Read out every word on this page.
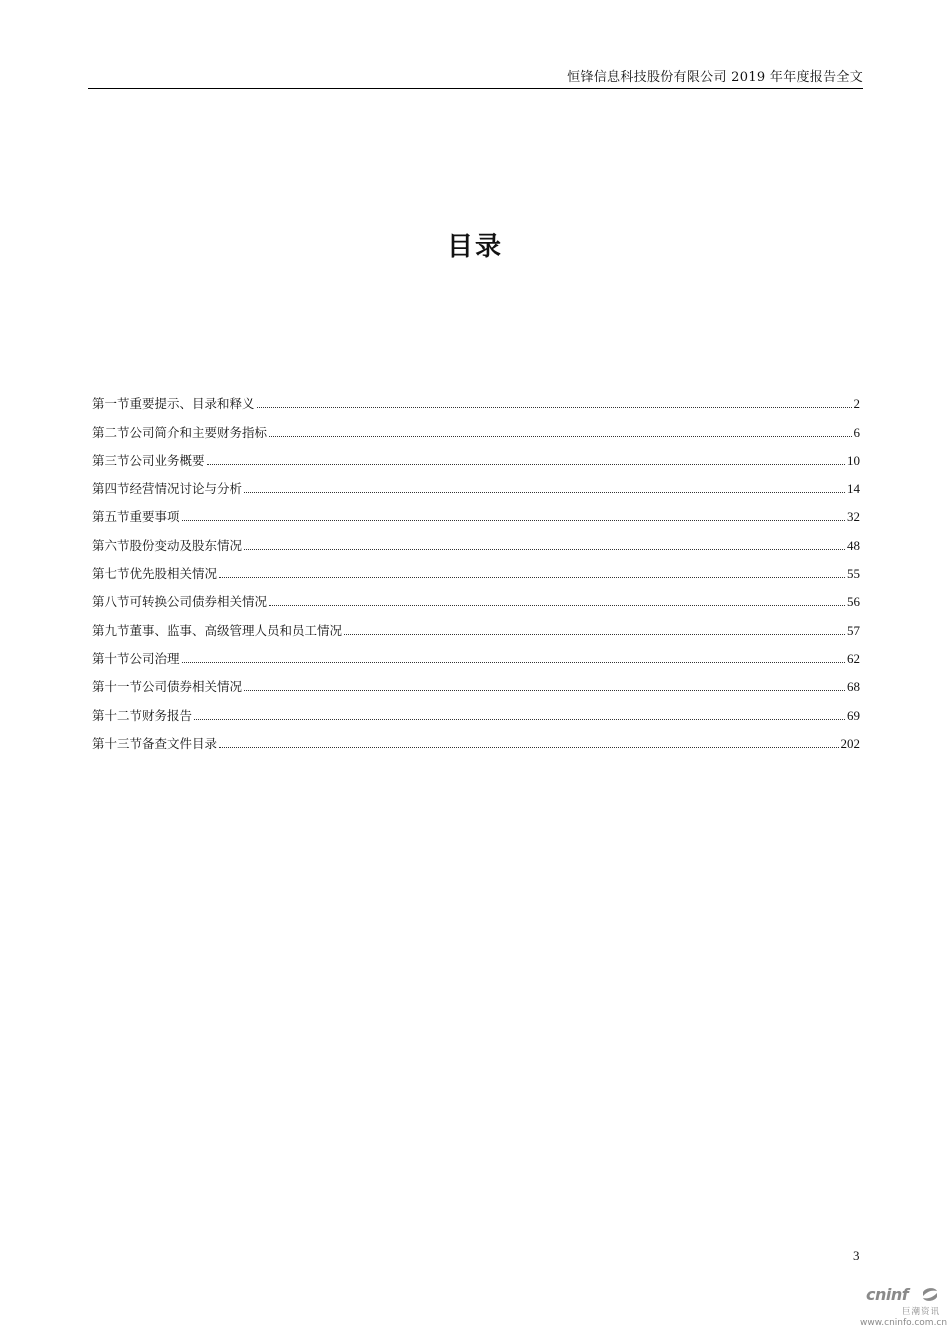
恒锋信息科技股份有限公司 2019 年年度报告全文
目录
第一节重要提示、目录和释义	2
第二节公司简介和主要财务指标	6
第三节公司业务概要	10
第四节经营情况讨论与分析	14
第五节重要事项	32
第六节股份变动及股东情况	48
第七节优先股相关情况	55
第八节可转换公司债券相关情况	56
第九节董事、监事、高级管理人员和员工情况	57
第十节公司治理	62
第十一节公司债券相关情况	68
第十二节财务报告	69
第十三节备查文件目录	202
3
cninf
巨潮资讯
www.cninfo.com.cn
